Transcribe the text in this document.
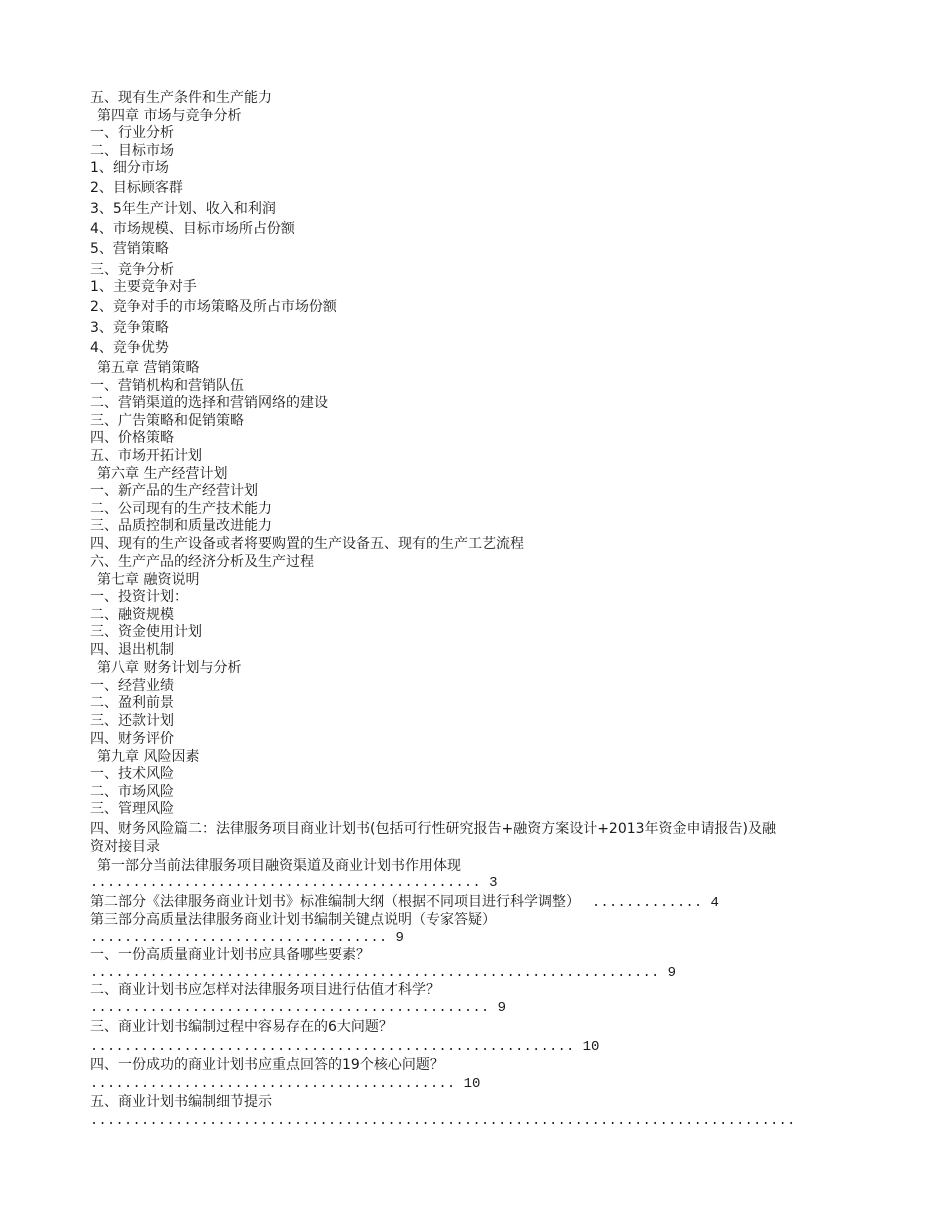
五、现有生产条件和生产能力
第四章 市场与竞争分析
一、行业分析
二、目标市场
1、细分市场
2、目标顾客群
3、5年生产计划、收入和利润
4、市场规模、目标市场所占份额
5、营销策略
三、竞争分析
1、主要竞争对手
2、竞争对手的市场策略及所占市场份额
3、竞争策略
4、竞争优势
第五章 营销策略
一、营销机构和营销队伍
二、营销渠道的选择和营销网络的建设
三、广告策略和促销策略
四、价格策略
五、市场开拓计划
第六章 生产经营计划
一、新产品的生产经营计划
二、公司现有的生产技术能力
三、品质控制和质量改进能力
四、现有的生产设备或者将要购置的生产设备五、现有的生产工艺流程
六、生产产品的经济分析及生产过程
第七章 融资说明
一、投资计划：
二、融资规模
三、资金使用计划
四、退出机制
第八章 财务计划与分析
一、经营业绩
二、盈利前景
三、还款计划
四、财务评价
第九章 风险因素
一、技术风险
二、市场风险
三、管理风险
四、财务风险篇二：法律服务项目商业计划书(包括可行性研究报告+融资方案设计+2013年资金申请报告)及融
资对接目录
第一部分当前法律服务项目融资渠道及商业计划书作用体现
.............................................. 3
第二部分《法律服务商业计划书》标准编制大纲（根据不同项目进行科学调整） ............. 4
第三部分高质量法律服务商业计划书编制关键点说明（专家答疑）
................................... 9
一、一份高质量商业计划书应具备哪些要素？
................................................................... 9
二、商业计划书应怎样对法律服务项目进行估值才科学？
............................................... 9
三、商业计划书编制过程中容易存在的6大问题？
......................................................... 10
四、一份成功的商业计划书应重点回答的19个核心问题？
........................................... 10
五、商业计划书编制细节提示
...................................................................................
